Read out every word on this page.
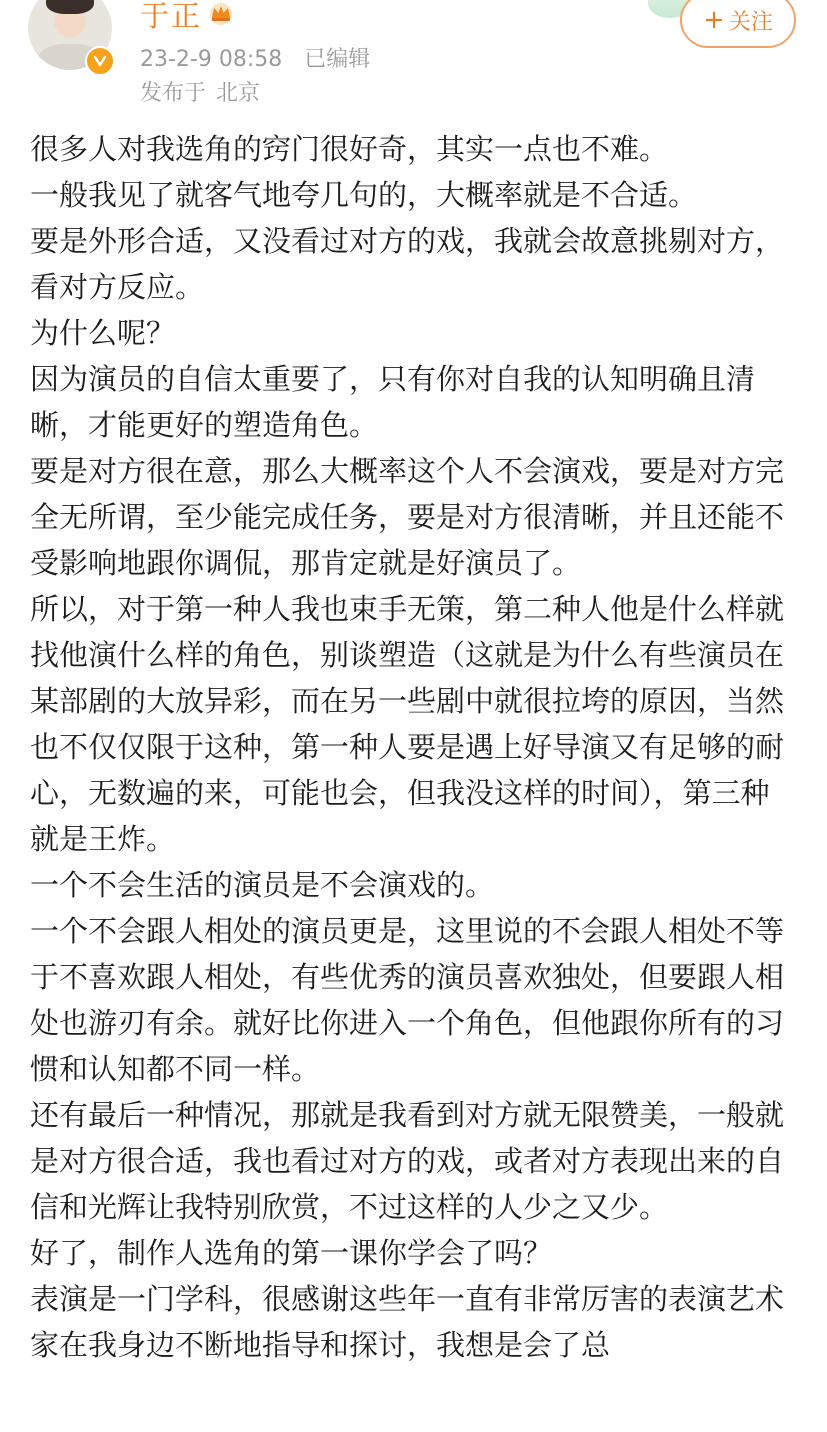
于正
23-2-9 08:58 已编辑
发布于 北京
+ 关注

很多人对我选角的窍门很好奇，其实一点也不难。

一般我见了就客气地夸几句的，大概率就是不合适。

要是外形合适，又没看过对方的戏，我就会故意挑剔对方，看对方反应。

为什么呢？

因为演员的自信太重要了，只有你对自我的认知明确且清晰，才能更好的塑造角色。

要是对方很在意，那么大概率这个人不会演戏，要是对方完全无所谓，至少能完成任务，要是对方很清晰，并且还能不受影响地跟你调侃，那肯定就是好演员了。

所以，对于第一种人我也束手无策，第二种人他是什么样就找他演什么样的角色，别谈塑造（这就是为什么有些演员在某部剧的大放异彩，而在另一些剧中就很拉垮的原因，当然也不仅仅限于这种，第一种人要是遇上好导演又有足够的耐心，无数遍的来，可能也会，但我没这样的时间），第三种就是王炸。

一个不会生活的演员是不会演戏的。

一个不会跟人相处的演员更是，这里说的不会跟人相处不等于不喜欢跟人相处，有些优秀的演员喜欢独处，但要跟人相处也游刃有余。就好比你进入一个角色，但他跟你所有的习惯和认知都不同一样。

还有最后一种情况，那就是我看到对方就无限赞美，一般就是对方很合适，我也看过对方的戏，或者对方表现出来的自信和光辉让我特别欣赏，不过这样的人少之又少。

好了，制作人选角的第一课你学会了吗？

表演是一门学科，很感谢这些年一直有非常厉害的表演艺术家在我身边不断地指导和探讨，我想是会了总
